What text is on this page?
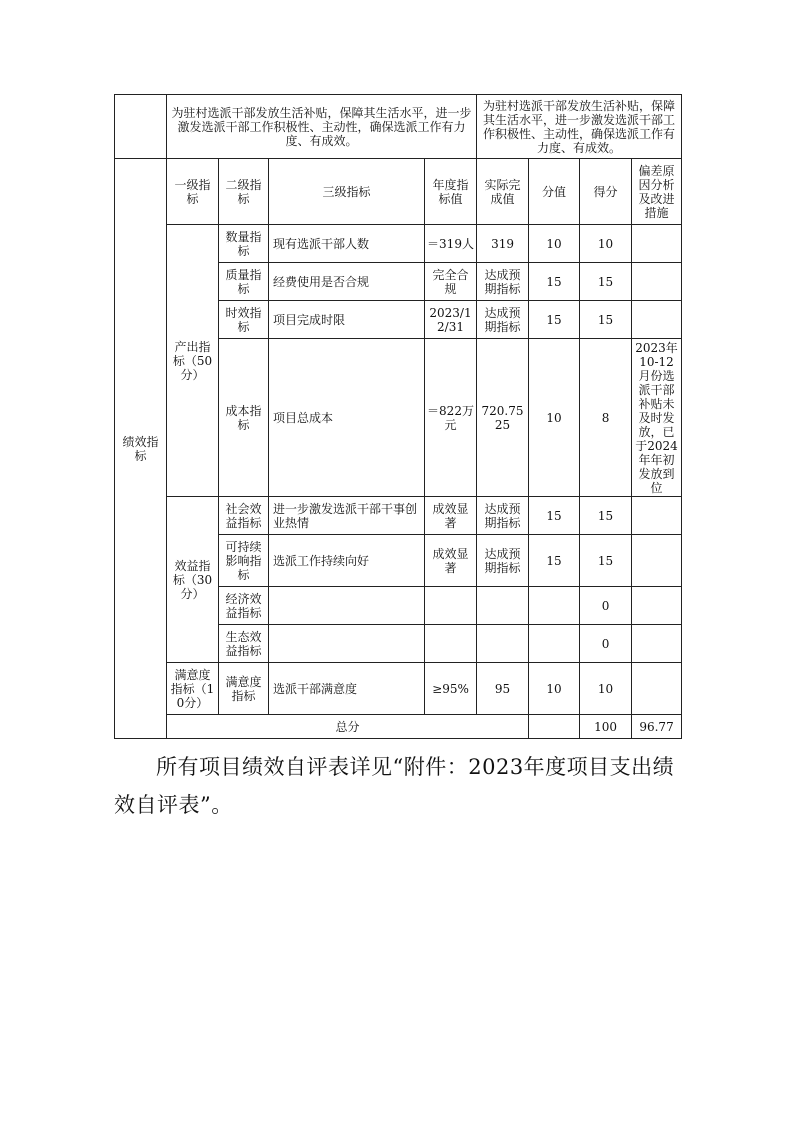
	为驻村选派干部发放生活补贴，保障其生活水平，进一步激发选派干部工作积极性、主动性，确保选派工作有力度、有成效。				为驻村选派干部发放生活补贴，保障其生活水平，进一步激发选派干部工作积极性、主动性，确保选派工作有力度、有成效。				
绩效指标	一级指标	二级指标	三级指标	年度指标值	实际完成值	分值	得分	偏差原因分析及改进措施	
	产出指标（50分）	数量指标	现有选派干部人数	＝319人	319	10	10		
		质量指标	经费使用是否合规	完全合规	达成预期指标	15	15		
		时效指标	项目完成时限	2023/12/31	达成预期指标	15	15		
		成本指标	项目总成本	＝822万元	720.7525	10	8	2023年10-12月份选派干部补贴未及时发放，已于2024年年初发放到位	
	效益指标（30分）	社会效益指标	进一步激发选派干部干事创业热情	成效显著	达成预期指标	15	15		
		可持续影响指标	选派工作持续向好	成效显著	达成预期指标	15	15		
		经济效益指标					0		
		生态效益指标					0		
	满意度指标（10分）	满意度指标	选派干部满意度	≥95%	95	10	10		
	总分						100	96.77	

所有项目绩效自评表详见“附件：2023年度项目支出绩效自评表”。
